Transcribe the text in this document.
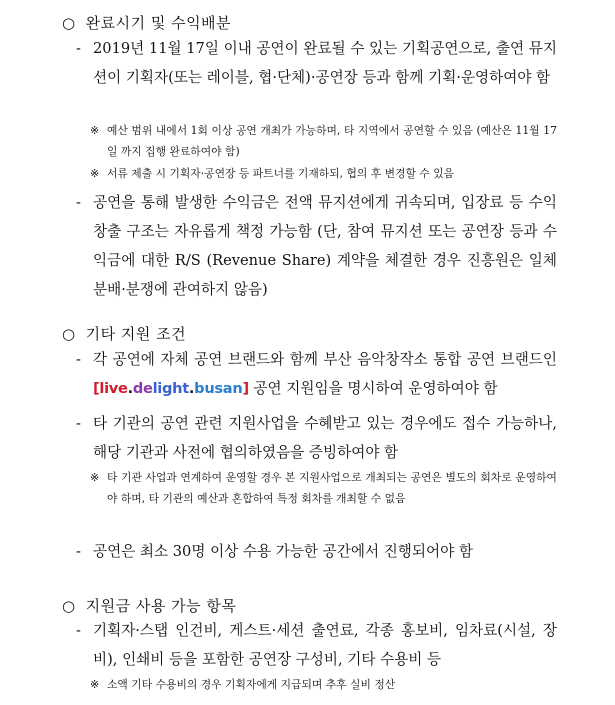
○ 완료시기 및 수익배분
- 2019년 11월 17일 이내 공연이 완료될 수 있는 기획공연으로, 출연 뮤지션이 기획자(또는 레이블, 협·단체)·공연장 등과 함께 기획·운영하여야 함
※ 예산 범위 내에서 1회 이상 공연 개최가 가능하며, 타 지역에서 공연할 수 있음 (예산은 11월 17일 까지 집행 완료하여야 함)
※ 서류 제출 시 기획자·공연장 등 파트너를 기재하되, 협의 후 변경할 수 있음
- 공연을 통해 발생한 수익금은 전액 뮤지션에게 귀속되며, 입장료 등 수익 창출 구조는 자유롭게 책정 가능함 (단, 참여 뮤지션 또는 공연장 등과 수익금에 대한 R/S (Revenue Share) 계약을 체결한 경우 진흥원은 일체 분배·분쟁에 관여하지 않음)
○ 기타 지원 조건
- 각 공연에 자체 공연 브랜드와 함께 부산 음악창작소 통합 공연 브랜드인 [live.delight.busan] 공연 지원임을 명시하여 운영하여야 함
- 타 기관의 공연 관련 지원사업을 수혜받고 있는 경우에도 접수 가능하나, 해당 기관과 사전에 협의하였음을 증빙하여야 함
※ 타 기관 사업과 연계하여 운영할 경우 본 지원사업으로 개최되는 공연은 별도의 회차로 운영하여야 하며, 타 기관의 예산과 혼합하여 특정 회차를 개최할 수 없음
- 공연은 최소 30명 이상 수용 가능한 공간에서 진행되어야 함
○ 지원금 사용 가능 항목
- 기획자·스탭 인건비, 게스트·세션 출연료, 각종 홍보비, 임차료(시설, 장비), 인쇄비 등을 포함한 공연장 구성비, 기타 수용비 등
※ 소액 기타 수용비의 경우 기획자에게 지급되며 추후 실비 정산
